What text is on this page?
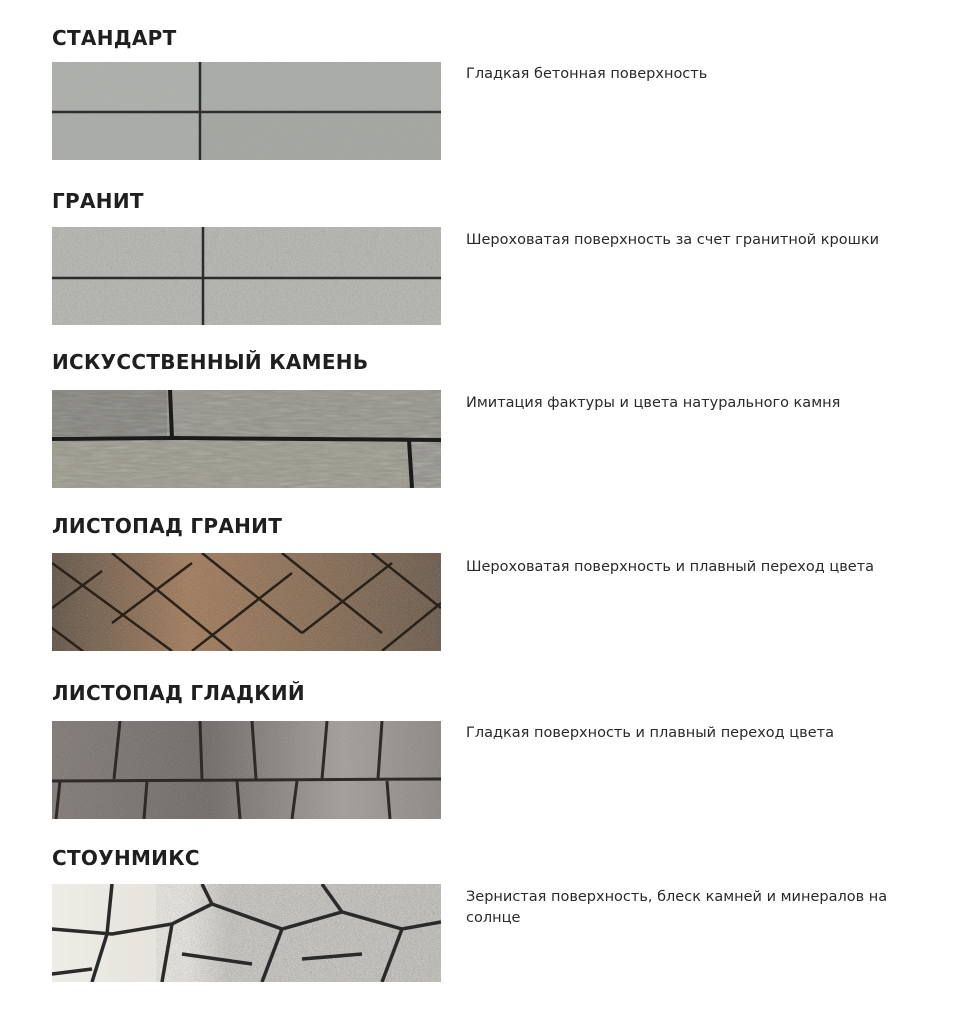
СТАНДАРТ
Гладкая бетонная поверхность
ГРАНИТ
Шероховатая поверхность за счет гранитной крошки
ИСКУССТВЕННЫЙ КАМЕНЬ
Имитация фактуры и цвета натурального камня
ЛИСТОПАД ГРАНИТ
Шероховатая поверхность и плавный переход цвета
ЛИСТОПАД ГЛАДКИЙ
Гладкая поверхность и плавный переход цвета
СТОУНМИКС
Зернистая поверхность, блеск камней и минералов на солнце
